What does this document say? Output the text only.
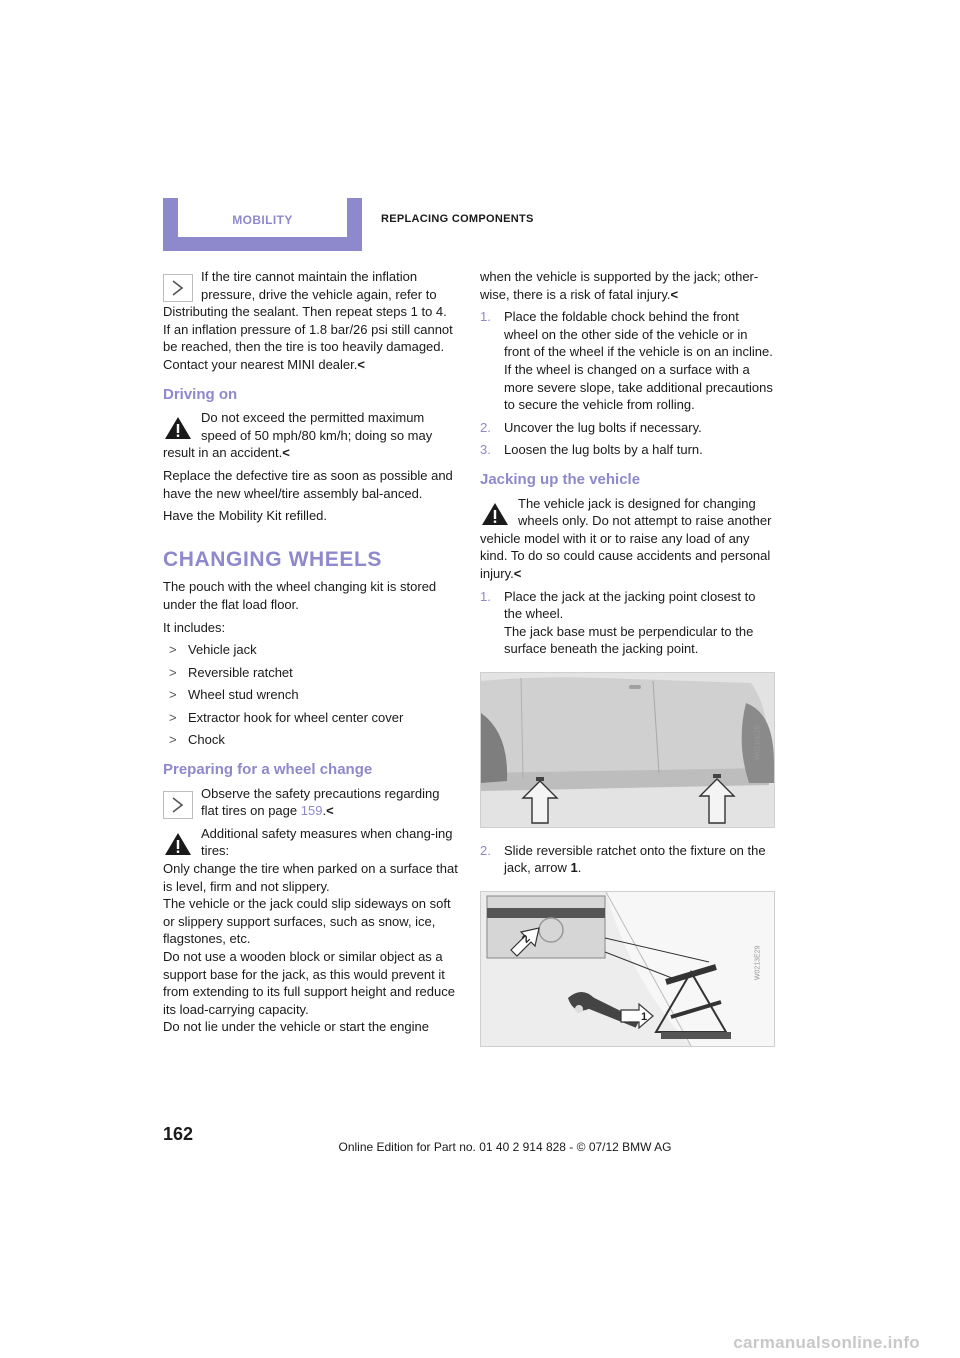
MOBILITY	REPLACING COMPONENTS
If the tire cannot maintain the inflation pressure, drive the vehicle again, refer to Distributing the sealant. Then repeat steps 1 to 4.
If an inflation pressure of 1.8 bar/26 psi still cannot be reached, then the tire is too heavily damaged. Contact your nearest MINI dealer.<
Driving on
Do not exceed the permitted maximum speed of 50 mph/80 km/h; doing so may result in an accident.<

Replace the defective tire as soon as possible and have the new wheel/tire assembly bal-anced.

Have the Mobility Kit refilled.

CHANGING WHEELS

The pouch with the wheel changing kit is stored under the flat load floor.

It includes:

> Vehicle jack
> Reversible ratchet
> Wheel stud wrench
> Extractor hook for wheel center cover
> Chock
Preparing for a wheel change
Observe the safety precautions regarding flat tires on page 159.<
Additional safety measures when chang-ing tires:
Only change the tire when parked on a surface that is level, firm and not slippery.
The vehicle or the jack could slip sideways on soft or slippery support surfaces, such as snow, ice, flagstones, etc.
Do not use a wooden block or similar object as a support base for the jack, as this would prevent it from extending to its full support height and reduce its load-carrying capacity.
Do not lie under the vehicle or start the engine

when the vehicle is supported by the jack; other-wise, there is a risk of fatal injury.<

1. Place the foldable chock behind the front wheel on the other side of the vehicle or in front of the wheel if the vehicle is on an incline. If the wheel is changed on a surface with a more severe slope, take additional precautions to secure the vehicle from rolling.
2. Uncover the lug bolts if necessary.
3. Loosen the lug bolts by a half turn.
Jacking up the vehicle
The vehicle jack is designed for changing wheels only. Do not attempt to raise another vehicle model with it or to raise any load of any kind. To do so could cause accidents and personal injury.<
1. Place the jack at the jacking point closest to the wheel.
The jack base must be perpendicular to the surface beneath the jacking point.
W0210E25
2. Slide reversible ratchet onto the fixture on the jack, arrow 1.
2
1
W0213E29
162
Online Edition for Part no. 01 40 2 914 828 - © 07/12 BMW AG
carmanualsonline.info
